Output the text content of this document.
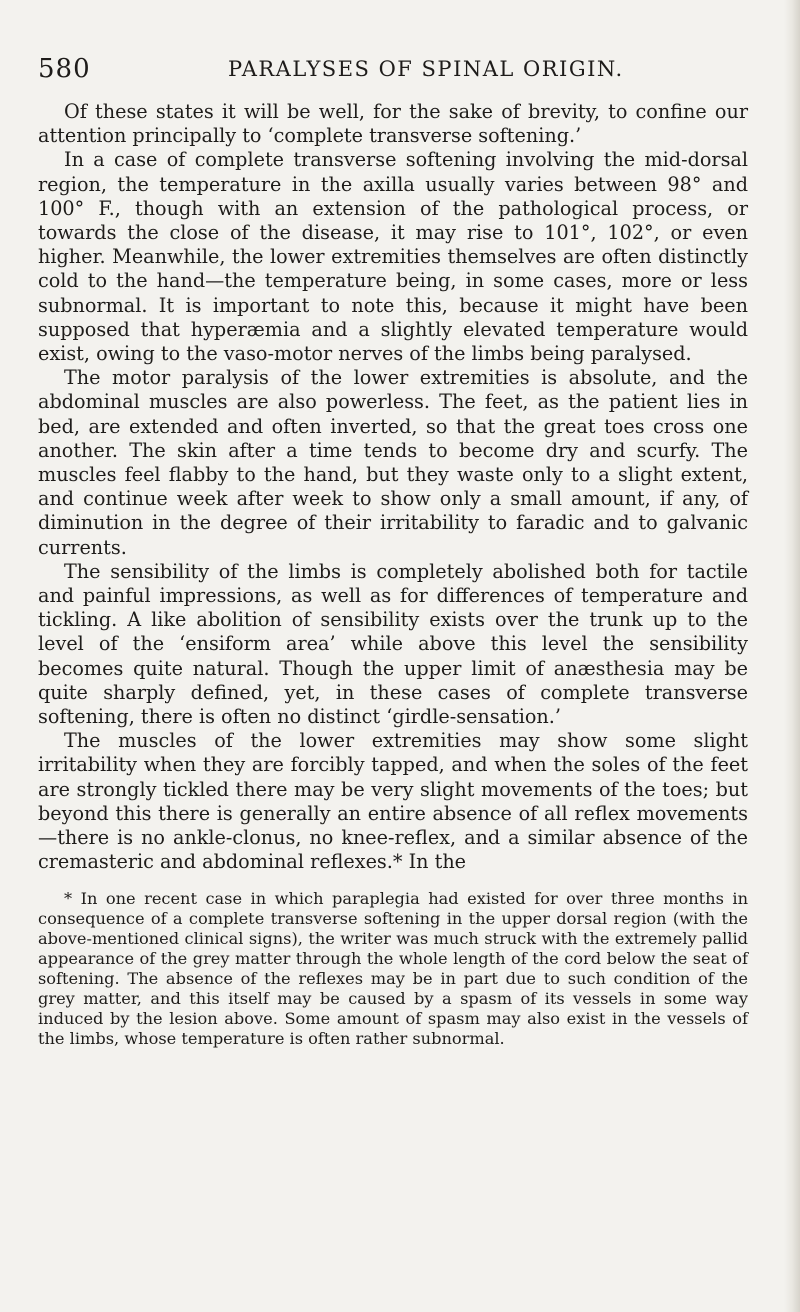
580	PARALYSES OF SPINAL ORIGIN.

Of these states it will be well, for the sake of brevity, to confine our attention principally to ‘complete transverse softening.’

In a case of complete transverse softening involving the mid-dorsal region, the temperature in the axilla usually varies between 98° and 100° F., though with an extension of the pathological process, or towards the close of the disease, it may rise to 101°, 102°, or even higher. Meanwhile, the lower extremities themselves are often distinctly cold to the hand—the temperature being, in some cases, more or less subnormal. It is important to note this, because it might have been supposed that hyperæmia and a slightly elevated temperature would exist, owing to the vaso-motor nerves of the limbs being paralysed.

The motor paralysis of the lower extremities is absolute, and the abdominal muscles are also powerless. The feet, as the patient lies in bed, are extended and often inverted, so that the great toes cross one another. The skin after a time tends to become dry and scurfy. The muscles feel flabby to the hand, but they waste only to a slight extent, and continue week after week to show only a small amount, if any, of diminution in the degree of their irritability to faradic and to galvanic currents.

The sensibility of the limbs is completely abolished both for tactile and painful impressions, as well as for differences of temperature and tickling. A like abolition of sensibility exists over the trunk up to the level of the ‘ensiform area’ while above this level the sensibility becomes quite natural. Though the upper limit of anæsthesia may be quite sharply defined, yet, in these cases of complete transverse softening, there is often no distinct ‘girdle-sensation.’

The muscles of the lower extremities may show some slight irritability when they are forcibly tapped, and when the soles of the feet are strongly tickled there may be very slight movements of the toes; but beyond this there is generally an entire absence of all reflex movements—there is no ankle-clonus, no knee-reflex, and a similar absence of the cremasteric and abdominal reflexes.* In the

* In one recent case in which paraplegia had existed for over three months in consequence of a complete transverse softening in the upper dorsal region (with the above-mentioned clinical signs), the writer was much struck with the extremely pallid appearance of the grey matter through the whole length of the cord below the seat of softening. The absence of the reflexes may be in part due to such condition of the grey matter, and this itself may be caused by a spasm of its vessels in some way induced by the lesion above. Some amount of spasm may also exist in the vessels of the limbs, whose temperature is often rather subnormal.
